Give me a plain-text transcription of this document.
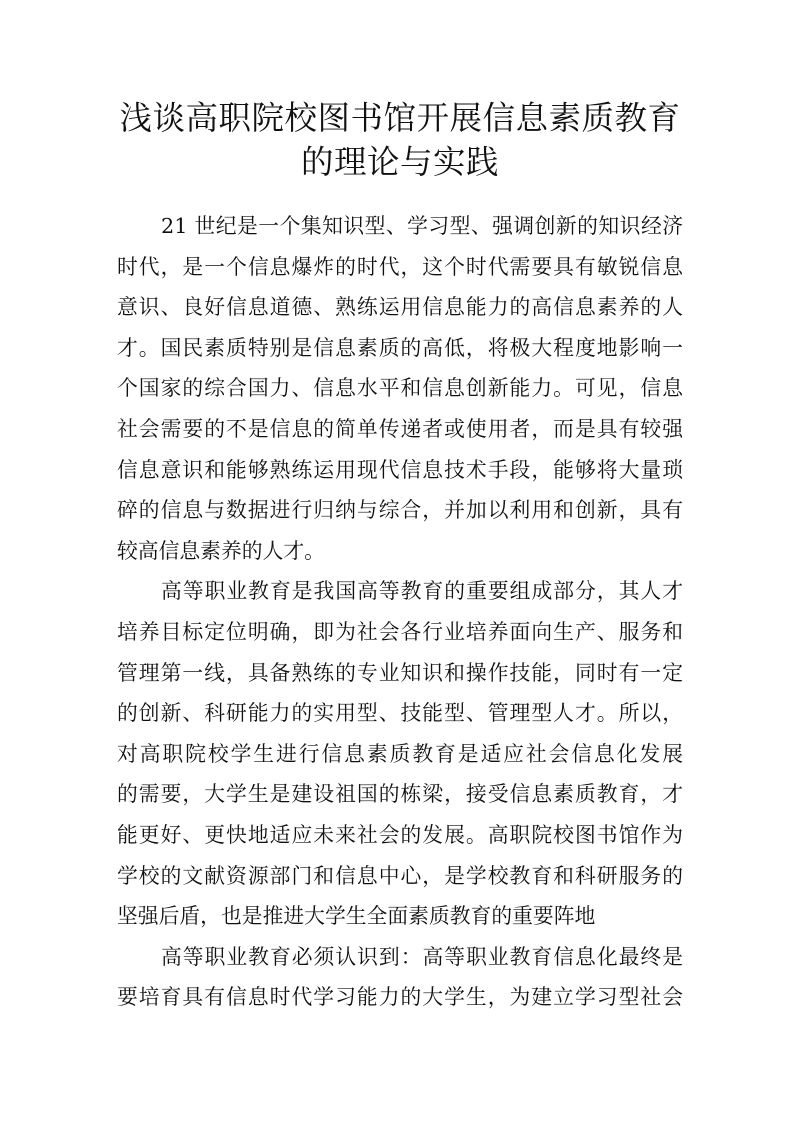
浅谈高职院校图书馆开展信息素质教育
的理论与实践

21 世纪是一个集知识型、学习型、强调创新的知识经济
时代，是一个信息爆炸的时代，这个时代需要具有敏锐信息
意识、良好信息道德、熟练运用信息能力的高信息素养的人
才。国民素质特别是信息素质的高低，将极大程度地影响一
个国家的综合国力、信息水平和信息创新能力。可见，信息
社会需要的不是信息的简单传递者或使用者，而是具有较强
信息意识和能够熟练运用现代信息技术手段，能够将大量琐
碎的信息与数据进行归纳与综合，并加以利用和创新，具有
较高信息素养的人才。

高等职业教育是我国高等教育的重要组成部分，其人才
培养目标定位明确，即为社会各行业培养面向生产、服务和
管理第一线，具备熟练的专业知识和操作技能，同时有一定
的创新、科研能力的实用型、技能型、管理型人才。所以，
对高职院校学生进行信息素质教育是适应社会信息化发展
的需要，大学生是建设祖国的栋梁，接受信息素质教育，才
能更好、更快地适应未来社会的发展。高职院校图书馆作为
学校的文献资源部门和信息中心，是学校教育和科研服务的
坚强后盾，也是推进大学生全面素质教育的重要阵地

高等职业教育必须认识到：高等职业教育信息化最终是
要培育具有信息时代学习能力的大学生，为建立学习型社会
